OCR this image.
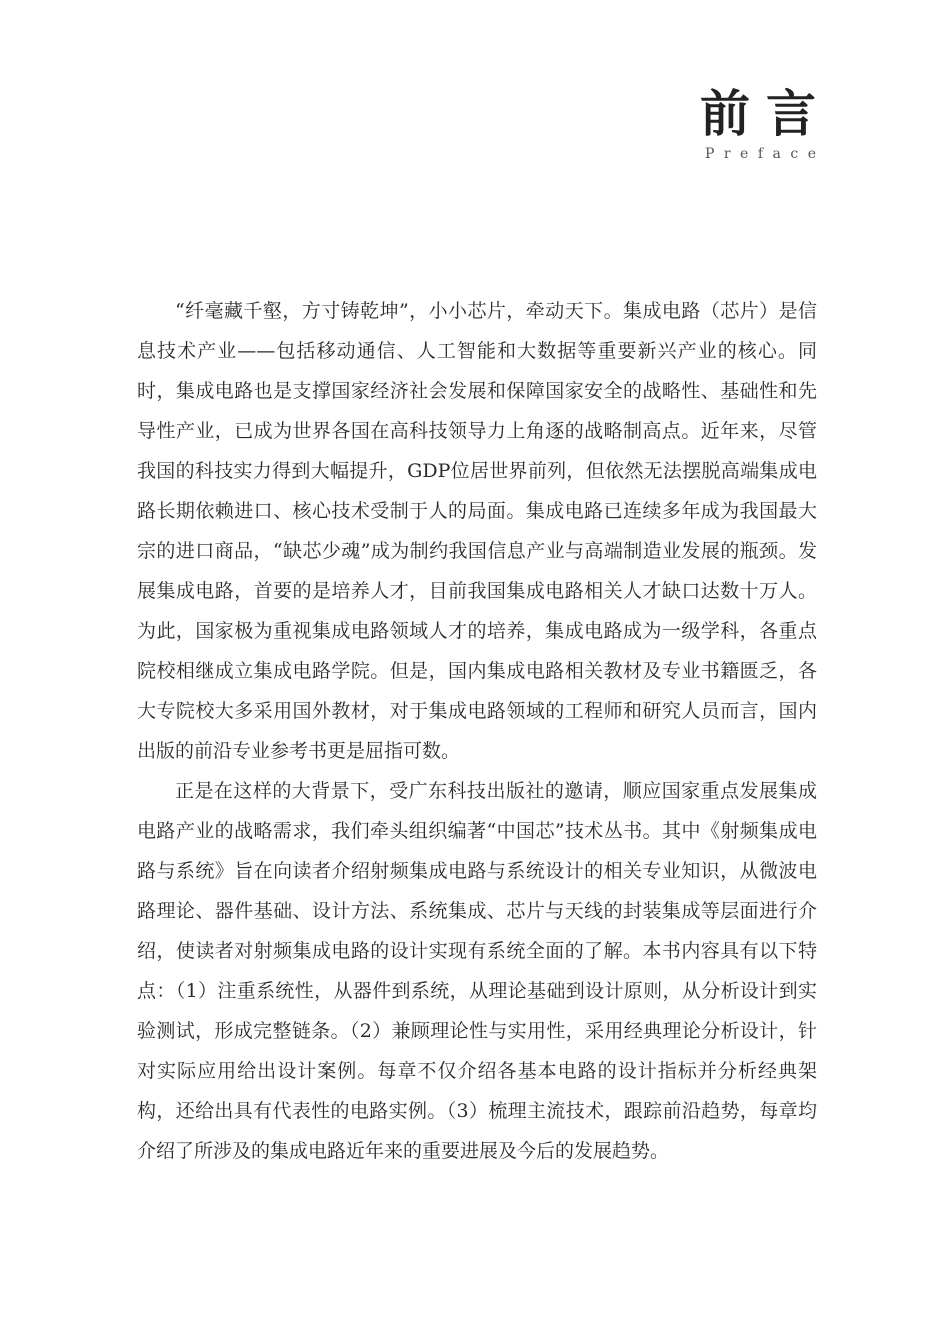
前言
Preface

“纤毫藏千壑，方寸铸乾坤”，小小芯片，牵动天下。集成电路（芯片）是信息技术产业——包括移动通信、人工智能和大数据等重要新兴产业的核心。同时，集成电路也是支撑国家经济社会发展和保障国家安全的战略性、基础性和先导性产业，已成为世界各国在高科技领导力上角逐的战略制高点。近年来，尽管我国的科技实力得到大幅提升，GDP位居世界前列，但依然无法摆脱高端集成电路长期依赖进口、核心技术受制于人的局面。集成电路已连续多年成为我国最大宗的进口商品，“缺芯少魂”成为制约我国信息产业与高端制造业发展的瓶颈。发展集成电路，首要的是培养人才，目前我国集成电路相关人才缺口达数十万人。为此，国家极为重视集成电路领域人才的培养，集成电路成为一级学科，各重点院校相继成立集成电路学院。但是，国内集成电路相关教材及专业书籍匮乏，各大专院校大多采用国外教材，对于集成电路领域的工程师和研究人员而言，国内出版的前沿专业参考书更是屈指可数。

正是在这样的大背景下，受广东科技出版社的邀请，顺应国家重点发展集成电路产业的战略需求，我们牵头组织编著“中国芯”技术丛书。其中《射频集成电路与系统》旨在向读者介绍射频集成电路与系统设计的相关专业知识，从微波电路理论、器件基础、设计方法、系统集成、芯片与天线的封装集成等层面进行介绍，使读者对射频集成电路的设计实现有系统全面的了解。本书内容具有以下特点：（1）注重系统性，从器件到系统，从理论基础到设计原则，从分析设计到实验测试，形成完整链条。（2）兼顾理论性与实用性，采用经典理论分析设计，针对实际应用给出设计案例。每章不仅介绍各基本电路的设计指标并分析经典架构，还给出具有代表性的电路实例。（3）梳理主流技术，跟踪前沿趋势，每章均介绍了所涉及的集成电路近年来的重要进展及今后的发展趋势。
